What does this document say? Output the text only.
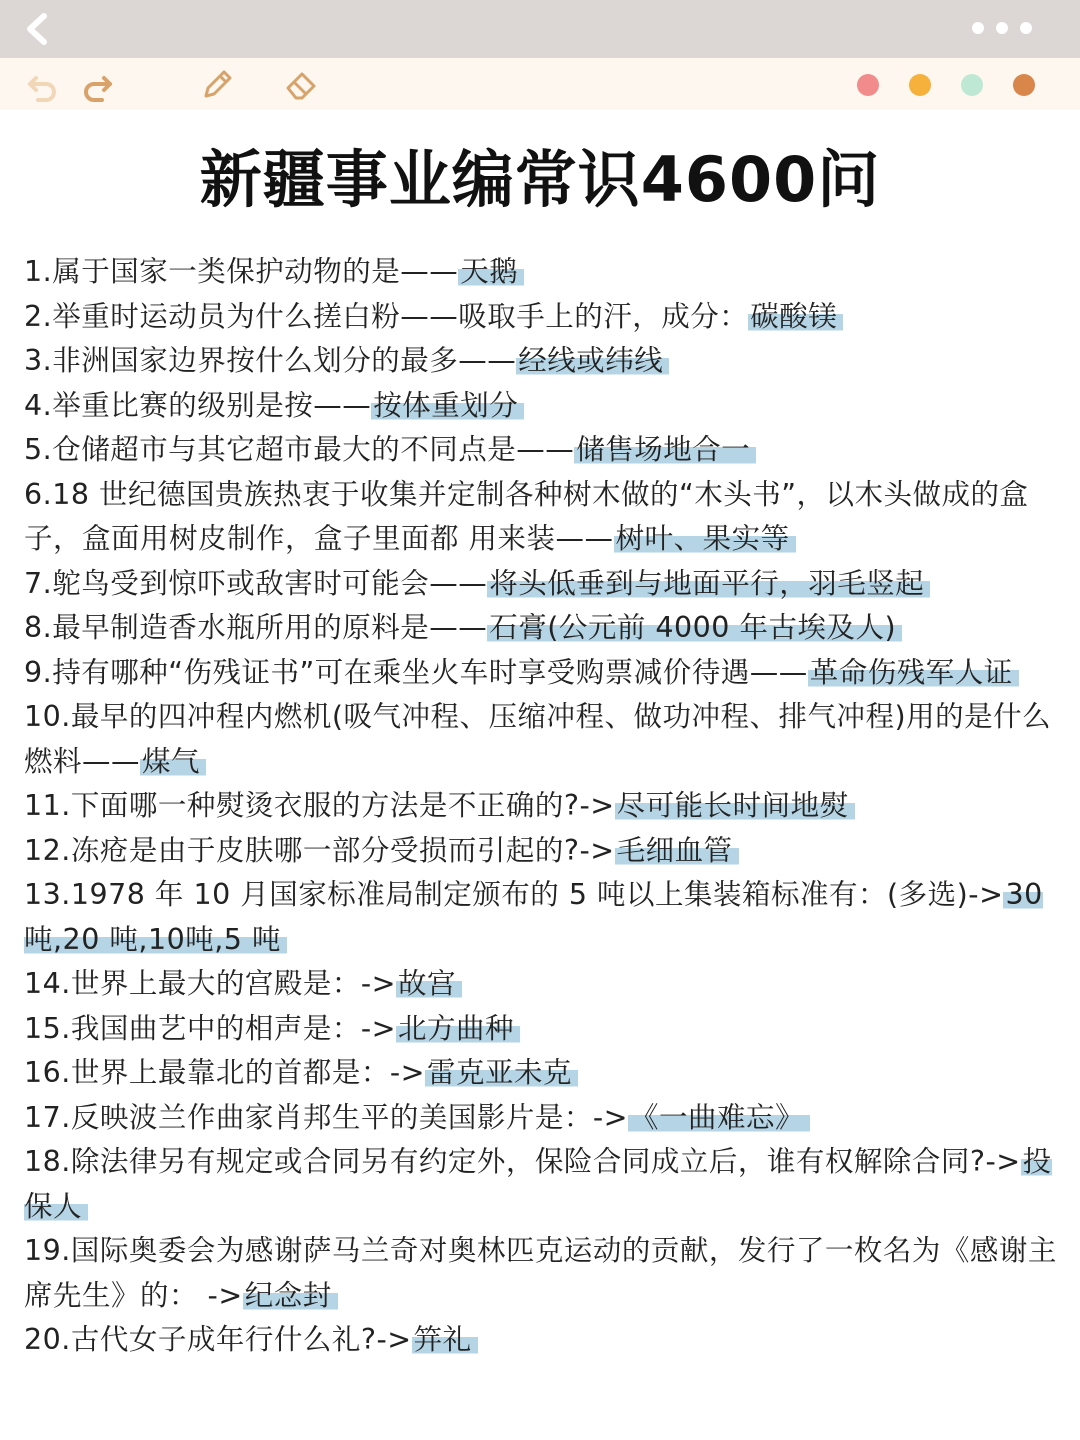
新疆事业编常识4600问

1.属于国家一类保护动物的是——天鹅

2.举重时运动员为什么搓白粉——吸取手上的汗，成分：碳酸镁

3.非洲国家边界按什么划分的最多——经线或纬线

4.举重比赛的级别是按——按体重划分

5.仓储超市与其它超市最大的不同点是——储售场地合一

6.18 世纪德国贵族热衷于收集并定制各种树木做的“木头书”，以木头做成的盒子，盒面用树皮制作，盒子里面都 用来装——树叶、果实等

7.鸵鸟受到惊吓或敌害时可能会——将头低垂到与地面平行，羽毛竖起

8.最早制造香水瓶所用的原料是——石膏(公元前 4000 年古埃及人)

9.持有哪种“伤残证书”可在乘坐火车时享受购票减价待遇——革命伤残军人证

10.最早的四冲程内燃机(吸气冲程、压缩冲程、做功冲程、排气冲程)用的是什么燃料——煤气

11.下面哪一种熨烫衣服的方法是不正确的?->尽可能长时间地熨

12.冻疮是由于皮肤哪一部分受损而引起的?->毛细血管

13.1978 年 10 月国家标准局制定颁布的 5 吨以上集装箱标准有：(多选)->30 吨,20 吨,10吨,5 吨

14.世界上最大的宫殿是：->故宫

15.我国曲艺中的相声是：->北方曲种

16.世界上最靠北的首都是：->雷克亚未克

17.反映波兰作曲家肖邦生平的美国影片是：->《一曲难忘》

18.除法律另有规定或合同另有约定外，保险合同成立后，谁有权解除合同?->投保人

19.国际奥委会为感谢萨马兰奇对奥林匹克运动的贡献，发行了一枚名为《感谢主席先生》的： ->纪念封

20.古代女子成年行什么礼?->笄礼
